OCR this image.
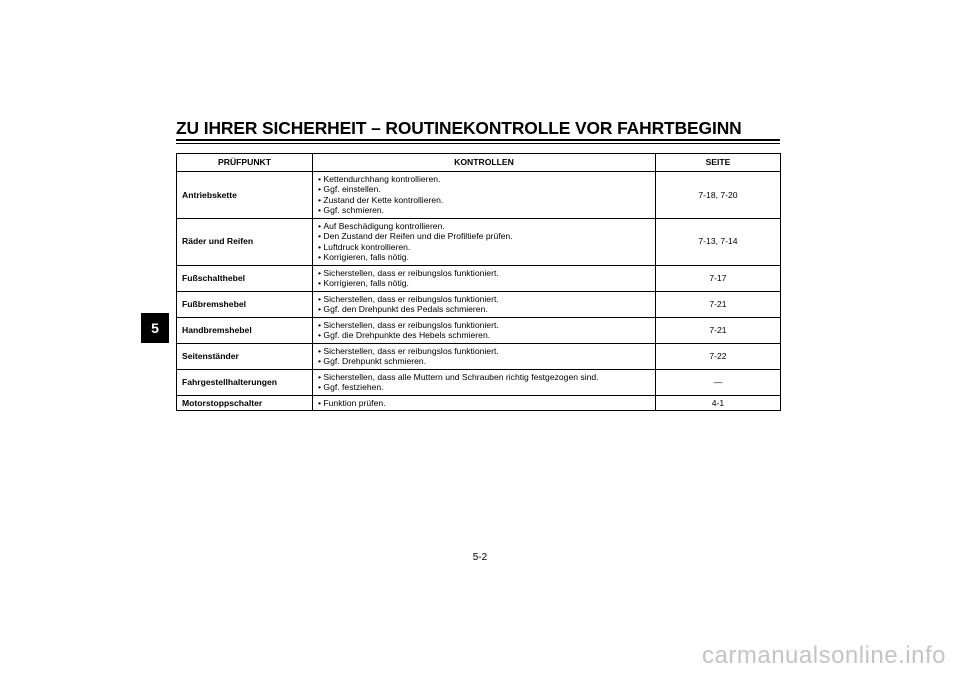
ZU IHRER SICHERHEIT – ROUTINEKONTROLLE VOR FAHRTBEGINN
5
PRÜFPUNKT	KONTROLLEN	SEITE
Antriebskette	• Kettendurchhang kontrollieren.
• Ggf. einstellen.
• Zustand der Kette kontrollieren.
• Ggf. schmieren.	7-18, 7-20
Räder und Reifen	• Auf Beschädigung kontrollieren.
• Den Zustand der Reifen und die Profiltiefe prüfen.
• Luftdruck kontrollieren.
• Korrigieren, falls nötig.	7-13, 7-14
Fußschalthebel	• Sicherstellen, dass er reibungslos funktioniert.
• Korrigieren, falls nötig.	7-17
Fußbremshebel	• Sicherstellen, dass er reibungslos funktioniert.
• Ggf. den Drehpunkt des Pedals schmieren.	7-21
Handbremshebel	• Sicherstellen, dass er reibungslos funktioniert.
• Ggf. die Drehpunkte des Hebels schmieren.	7-21
Seitenständer	• Sicherstellen, dass er reibungslos funktioniert.
• Ggf. Drehpunkt schmieren.	7-22
Fahrgestellhalterungen	• Sicherstellen, dass alle Muttern und Schrauben richtig festgezogen sind.
• Ggf. festziehen.	—
Motorstoppschalter	• Funktion prüfen.	4-1
5-2
carmanualsonline.info
